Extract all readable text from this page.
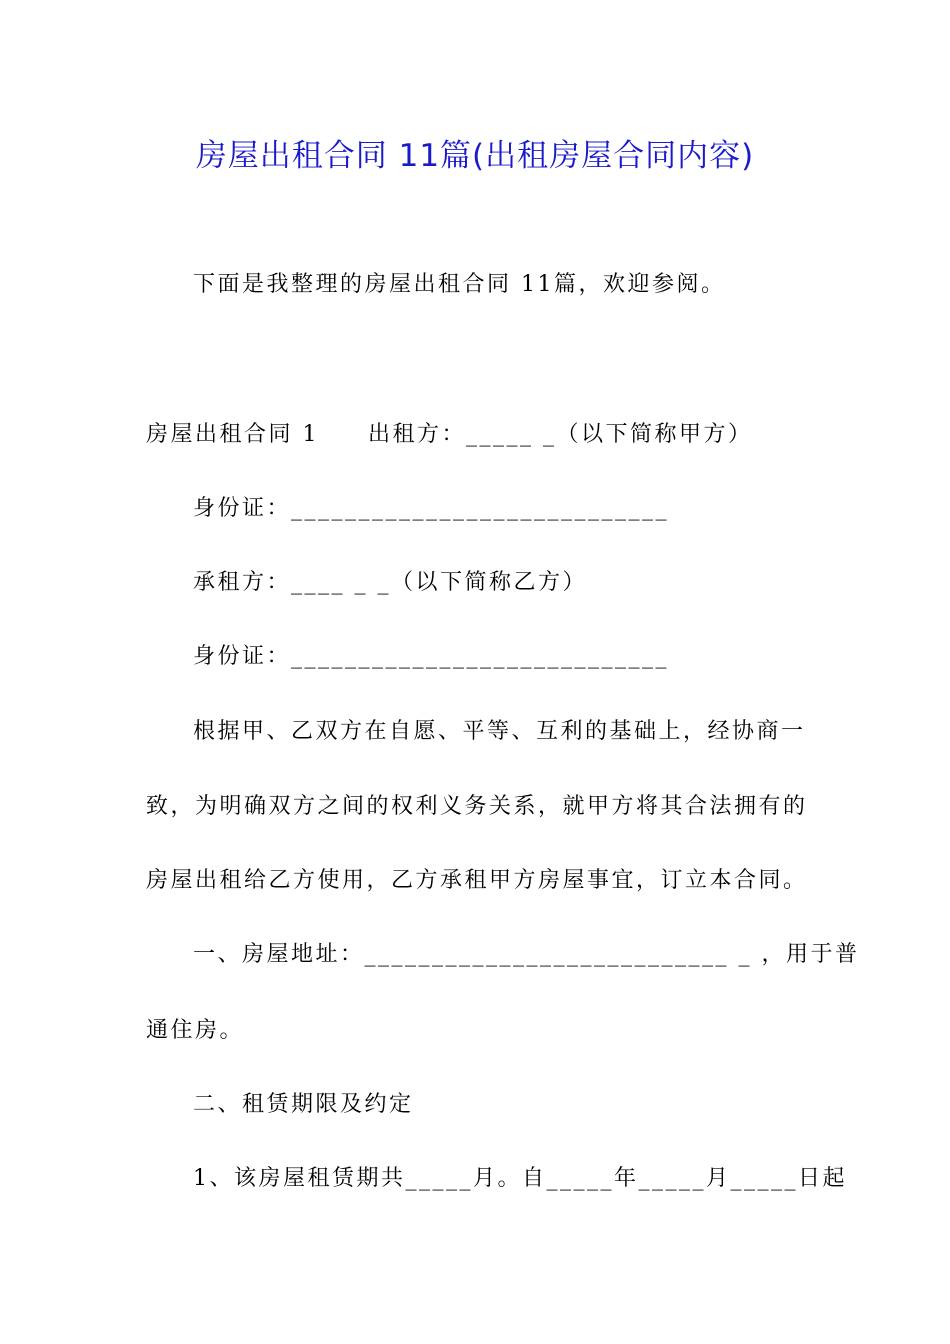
房屋出租合同 11篇(出租房屋合同内容)
下面是我整理的房屋出租合同 11篇，欢迎参阅。
房屋出租合同 1　　出租方：_____ _（以下简称甲方）
身份证：____________________________
承租方：____ _ _（以下简称乙方）
身份证：____________________________
根据甲、乙双方在自愿、平等、互利的基础上，经协商一
致，为明确双方之间的权利义务关系，就甲方将其合法拥有的
房屋出租给乙方使用，乙方承租甲方房屋事宜，订立本合同。
一、房屋地址：___________________________ _ ，用于普
通住房。
二、租赁期限及约定
1、该房屋租赁期共_____月。自_____年_____月_____日起
